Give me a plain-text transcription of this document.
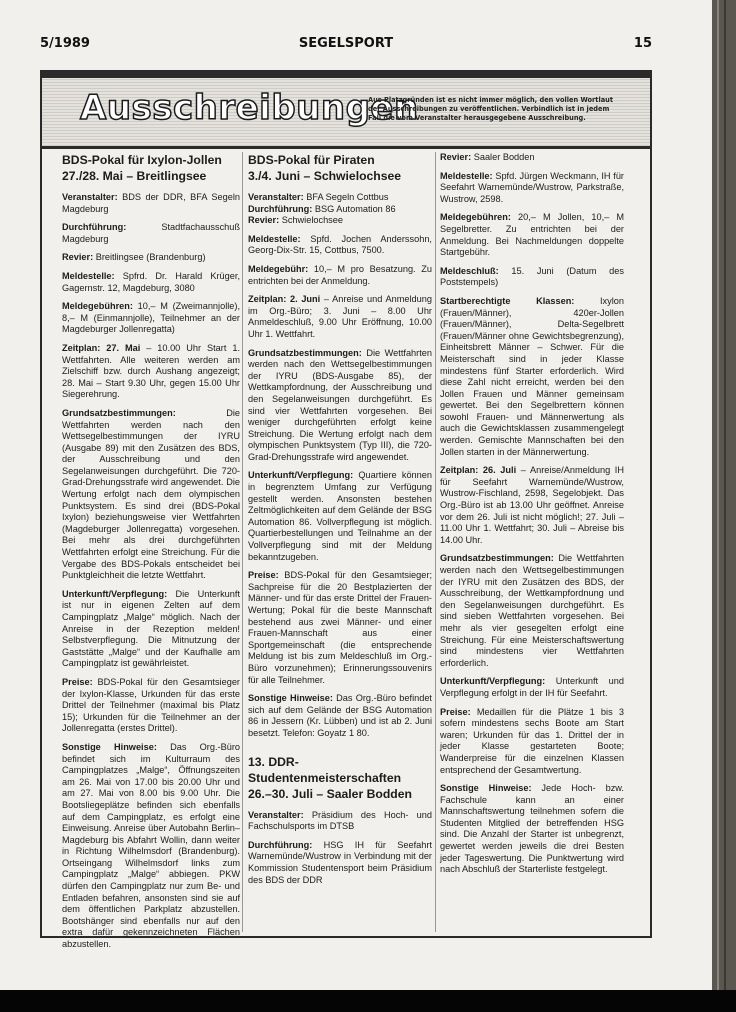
5/1989	SEGELSPORT	15
Ausschreibungen
Aus Platzgründen ist es nicht immer möglich, den vollen Wortlaut der Ausschreibungen zu veröffentlichen. Verbindlich ist in jedem Fall die vom Veranstalter herausgegebene Ausschreibung.
BDS-Pokal für Ixylon-Jollen
27./28. Mai – Breitlingsee

Veranstalter: BDS der DDR, BFA Segeln Magdeburg

Durchführung: Stadtfachausschuß Magdeburg

Revier: Breitlingsee (Brandenburg)

Meldestelle: Spfrd. Dr. Harald Krüger, Gagernstr. 12, Magdeburg, 3080

Meldegebühren: 10,– M (Zweimannjolle), 8,– M (Einmannjolle), Teilnehmer an der Magdeburger Jollenregatta)

Zeitplan: 27. Mai – 10.00 Uhr Start 1. Wettfahrten. Alle weiteren werden am Zielschiff bzw. durch Aushang angezeigt; 28. Mai – Start 9.30 Uhr, gegen 15.00 Uhr Siegerehrung.

Grundsatzbestimmungen: Die Wettfahrten werden nach den Wettsegelbestimmungen der IYRU (Ausgabe 89) mit den Zusätzen des BDS, der Ausschreibung und den Segelanweisungen durchgeführt. Die 720-Grad-Drehungsstrafe wird angewendet. Die Wertung erfolgt nach dem olympischen Punktsystem. Es sind drei (BDS-Pokal Ixylon) beziehungsweise vier Wettfahrten (Magdeburger Jollenregatta) vorgesehen. Bei mehr als drei durchgeführten Wettfahrten erfolgt eine Streichung. Für die Vergabe des BDS-Pokals entscheidet bei Punktgleichheit die letzte Wettfahrt.

Unterkunft/Verpflegung: Die Unterkunft ist nur in eigenen Zelten auf dem Campingplatz „Malge“ möglich. Nach der Anreise in der Rezeption melden! Selbstverpflegung. Die Mitnutzung der Gaststätte „Malge“ und der Kaufhalle am Campingplatz ist gewährleistet.

Preise: BDS-Pokal für den Gesamtsieger der Ixylon-Klasse, Urkunden für das erste Drittel der Teilnehmer (maximal bis Platz 15); Urkunden für die Teilnehmer an der Jollenregatta (erstes Drittel).

Sonstige Hinweise: Das Org.-Büro befindet sich im Kulturraum des Campingplatzes „Malge“, Öffnungszeiten am 26. Mai von 17.00 bis 20.00 Uhr und am 27. Mai von 8.00 bis 9.00 Uhr. Die Bootsliegeplätze befinden sich ebenfalls auf dem Campingplatz, es erfolgt eine Einweisung. Anreise über Autobahn Berlin–Magdeburg bis Abfahrt Wollin, dann weiter in Richtung Wilhelmsdorf (Brandenburg). Ortseingang Wilhelmsdorf links zum Campingplatz „Malge“ abbiegen. PKW dürfen den Campingplatz nur zum Be- und Entladen befahren, ansonsten sind sie auf dem öffentlichen Parkplatz abzustellen. Bootshänger sind ebenfalls nur auf den extra dafür gekennzeichneten Flächen abzustellen.

BDS-Pokal für Piraten
3./4. Juni – Schwielochsee

Veranstalter: BFA Segeln Cottbus

Durchführung: BSG Automation 86

Revier: Schwielochsee

Meldestelle: Spfd. Jochen Anderssohn, Georg-Dix-Str. 15, Cottbus, 7500.

Meldegebühr: 10,– M pro Besatzung. Zu entrichten bei der Anmeldung.

Zeitplan: 2. Juni – Anreise und Anmeldung im Org.-Büro; 3. Juni – 8.00 Uhr Anmeldeschluß, 9.00 Uhr Eröffnung, 10.00 Uhr 1. Wettfahrt.

Grundsatzbestimmungen: Die Wettfahrten werden nach den Wettsegelbestimmungen der IYRU (BDS-Ausgabe 85), der Wettkampfordnung, der Ausschreibung und den Segelanweisungen durchgeführt. Es sind vier Wettfahrten vorgesehen. Bei weniger durchgeführten erfolgt keine Streichung. Die Wertung erfolgt nach dem olympischen Punktsystem (Typ III), die 720-Grad-Drehungsstrafe wird angewendet.

Unterkunft/Verpflegung: Quartiere können in begrenztem Umfang zur Verfügung gestellt werden. Ansonsten bestehen Zeltmöglichkeiten auf dem Gelände der BSG Automation 86. Vollverpflegung ist möglich. Quartierbestellungen und Teilnahme an der Vollverpflegung sind mit der Meldung bekanntzugeben.

Preise: BDS-Pokal für den Gesamtsieger; Sachpreise für die 20 Bestplazierten der Männer- und für das erste Drittel der Frauen-Wertung; Pokal für die beste Mannschaft bestehend aus zwei Männer- und einer Frauen-Mannschaft aus einer Sportgemeinschaft (die entsprechende Meldung ist bis zum Meldeschluß im Org.-Büro vorzunehmen); Erinnerungssouvenirs für alle Teilnehmer.

Sonstige Hinweise: Das Org.-Büro befindet sich auf dem Gelände der BSG Automation 86 in Jessern (Kr. Lübben) und ist ab 2. Juni besetzt. Telefon: Goyatz 1 80.

13. DDR-Studentenmeisterschaften
26.–30. Juli – Saaler Bodden

Veranstalter: Präsidium des Hoch- und Fachschulsports im DTSB

Durchführung: HSG IH für Seefahrt Warnemünde/Wustrow in Verbindung mit der Kommission Studentensport beim Präsidium des BDS der DDR

Revier: Saaler Bodden

Meldestelle: Spfd. Jürgen Weckmann, IH für Seefahrt Warnemünde/Wustrow, Parkstraße, Wustrow, 2598.

Meldegebühren: 20,– M Jollen, 10,– M Segelbretter. Zu entrichten bei der Anmeldung. Bei Nachmeldungen doppelte Startgebühr.

Meldeschluß: 15. Juni (Datum des Poststempels)

Startberechtigte Klassen: Ixylon (Frauen/Männer), 420er-Jollen (Frauen/Männer), Delta-Segelbrett (Frauen/Männer ohne Gewichtsbegrenzung), Einheitsbrett Männer – Schwer. Für die Meisterschaft sind in jeder Klasse mindestens fünf Starter erforderlich. Wird diese Zahl nicht erreicht, werden bei den Jollen Frauen und Männer gemeinsam gewertet. Bei den Segelbrettern können sowohl Frauen- und Männerwertung als auch die Gewichtsklassen zusammengelegt werden. Gemischte Mannschaften bei den Jollen starten in der Männerwertung.

Zeitplan: 26. Juli – Anreise/Anmeldung IH für Seefahrt Warnemünde/Wustrow, Wustrow-Fischland, 2598, Segelobjekt. Das Org.-Büro ist ab 13.00 Uhr geöffnet. Anreise vor dem 26. Juli ist nicht möglich!; 27. Juli – 11.00 Uhr 1. Wettfahrt; 30. Juli – Abreise bis 14.00 Uhr.

Grundsatzbestimmungen: Die Wettfahrten werden nach den Wettsegelbestimmungen der IYRU mit den Zusätzen des BDS, der Ausschreibung, der Wettkampfordnung und den Segelanweisungen durchgeführt. Es sind sieben Wettfahrten vorgesehen. Bei mehr als vier gesegelten erfolgt eine Streichung. Für eine Meisterschaftswertung sind mindestens vier Wettfahrten erforderlich.

Unterkunft/Verpflegung: Unterkunft und Verpflegung erfolgt in der IH für Seefahrt.

Preise: Medaillen für die Plätze 1 bis 3 sofern mindestens sechs Boote am Start waren; Urkunden für das 1. Drittel der in jeder Klasse gestarteten Boote; Wanderpreise für die einzelnen Klassen entsprechend der Gesamtwertung.

Sonstige Hinweise: Jede Hoch- bzw. Fachschule kann an einer Mannschaftswertung teilnehmen sofern die Studenten Mitglied der betreffenden HSG sind. Die Anzahl der Starter ist unbegrenzt, gewertet werden jeweils die drei Besten jeder Tageswertung. Die Punktwertung wird nach Abschluß der Starterliste festgelegt.
